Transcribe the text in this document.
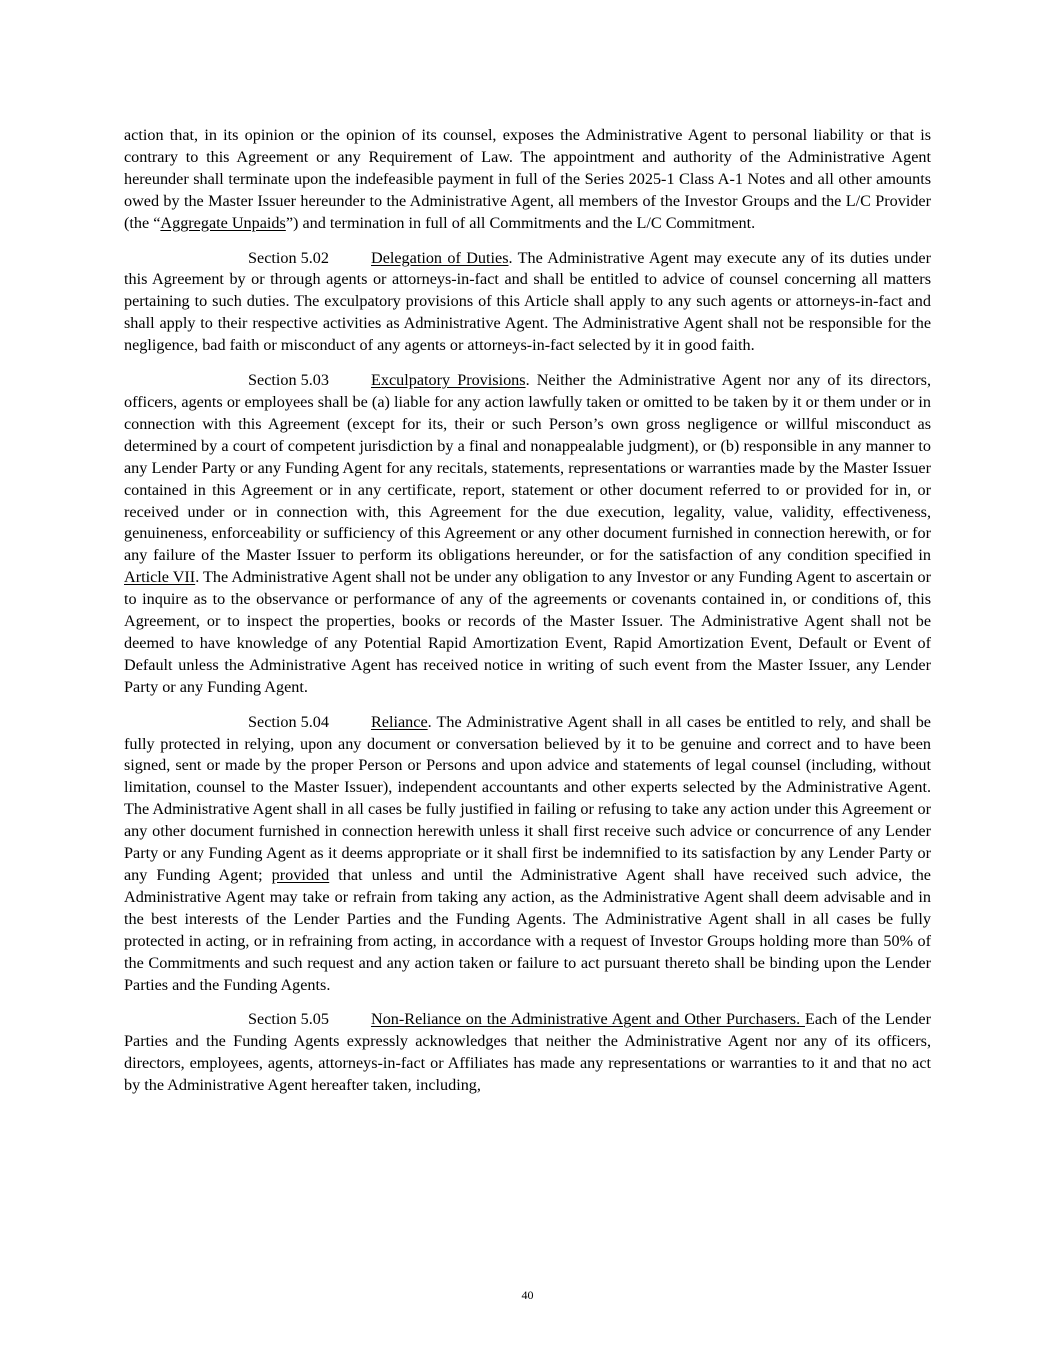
action that, in its opinion or the opinion of its counsel, exposes the Administrative Agent to personal liability or that is contrary to this Agreement or any Requirement of Law. The appointment and authority of the Administrative Agent hereunder shall terminate upon the indefeasible payment in full of the Series 2025-1 Class A-1 Notes and all other amounts owed by the Master Issuer hereunder to the Administrative Agent, all members of the Investor Groups and the L/C Provider (the “Aggregate Unpaids”) and termination in full of all Commitments and the L/C Commitment.

Section 5.02	Delegation of Duties. The Administrative Agent may execute any of its duties under this Agreement by or through agents or attorneys-in-fact and shall be entitled to advice of counsel concerning all matters pertaining to such duties. The exculpatory provisions of this Article shall apply to any such agents or attorneys-in-fact and shall apply to their respective activities as Administrative Agent. The Administrative Agent shall not be responsible for the negligence, bad faith or misconduct of any agents or attorneys-in-fact selected by it in good faith.

Section 5.03	Exculpatory Provisions. Neither the Administrative Agent nor any of its directors, officers, agents or employees shall be (a) liable for any action lawfully taken or omitted to be taken by it or them under or in connection with this Agreement (except for its, their or such Person’s own gross negligence or willful misconduct as determined by a court of competent jurisdiction by a final and nonappealable judgment), or (b) responsible in any manner to any Lender Party or any Funding Agent for any recitals, statements, representations or warranties made by the Master Issuer contained in this Agreement or in any certificate, report, statement or other document referred to or provided for in, or received under or in connection with, this Agreement for the due execution, legality, value, validity, effectiveness, genuineness, enforceability or sufficiency of this Agreement or any other document furnished in connection herewith, or for any failure of the Master Issuer to perform its obligations hereunder, or for the satisfaction of any condition specified in Article VII. The Administrative Agent shall not be under any obligation to any Investor or any Funding Agent to ascertain or to inquire as to the observance or performance of any of the agreements or covenants contained in, or conditions of, this Agreement, or to inspect the properties, books or records of the Master Issuer. The Administrative Agent shall not be deemed to have knowledge of any Potential Rapid Amortization Event, Rapid Amortization Event, Default or Event of Default unless the Administrative Agent has received notice in writing of such event from the Master Issuer, any Lender Party or any Funding Agent.

Section 5.04	Reliance. The Administrative Agent shall in all cases be entitled to rely, and shall be fully protected in relying, upon any document or conversation believed by it to be genuine and correct and to have been signed, sent or made by the proper Person or Persons and upon advice and statements of legal counsel (including, without limitation, counsel to the Master Issuer), independent accountants and other experts selected by the Administrative Agent. The Administrative Agent shall in all cases be fully justified in failing or refusing to take any action under this Agreement or any other document furnished in connection herewith unless it shall first receive such advice or concurrence of any Lender Party or any Funding Agent as it deems appropriate or it shall first be indemnified to its satisfaction by any Lender Party or any Funding Agent; provided that unless and until the Administrative Agent shall have received such advice, the Administrative Agent may take or refrain from taking any action, as the Administrative Agent shall deem advisable and in the best interests of the Lender Parties and the Funding Agents. The Administrative Agent shall in all cases be fully protected in acting, or in refraining from acting, in accordance with a request of Investor Groups holding more than 50% of the Commitments and such request and any action taken or failure to act pursuant thereto shall be binding upon the Lender Parties and the Funding Agents.

Section 5.05	Non-Reliance on the Administrative Agent and Other Purchasers. Each of the Lender Parties and the Funding Agents expressly acknowledges that neither the Administrative Agent nor any of its officers, directors, employees, agents, attorneys-in-fact or Affiliates has made any representations or warranties to it and that no act by the Administrative Agent hereafter taken, including,

40
